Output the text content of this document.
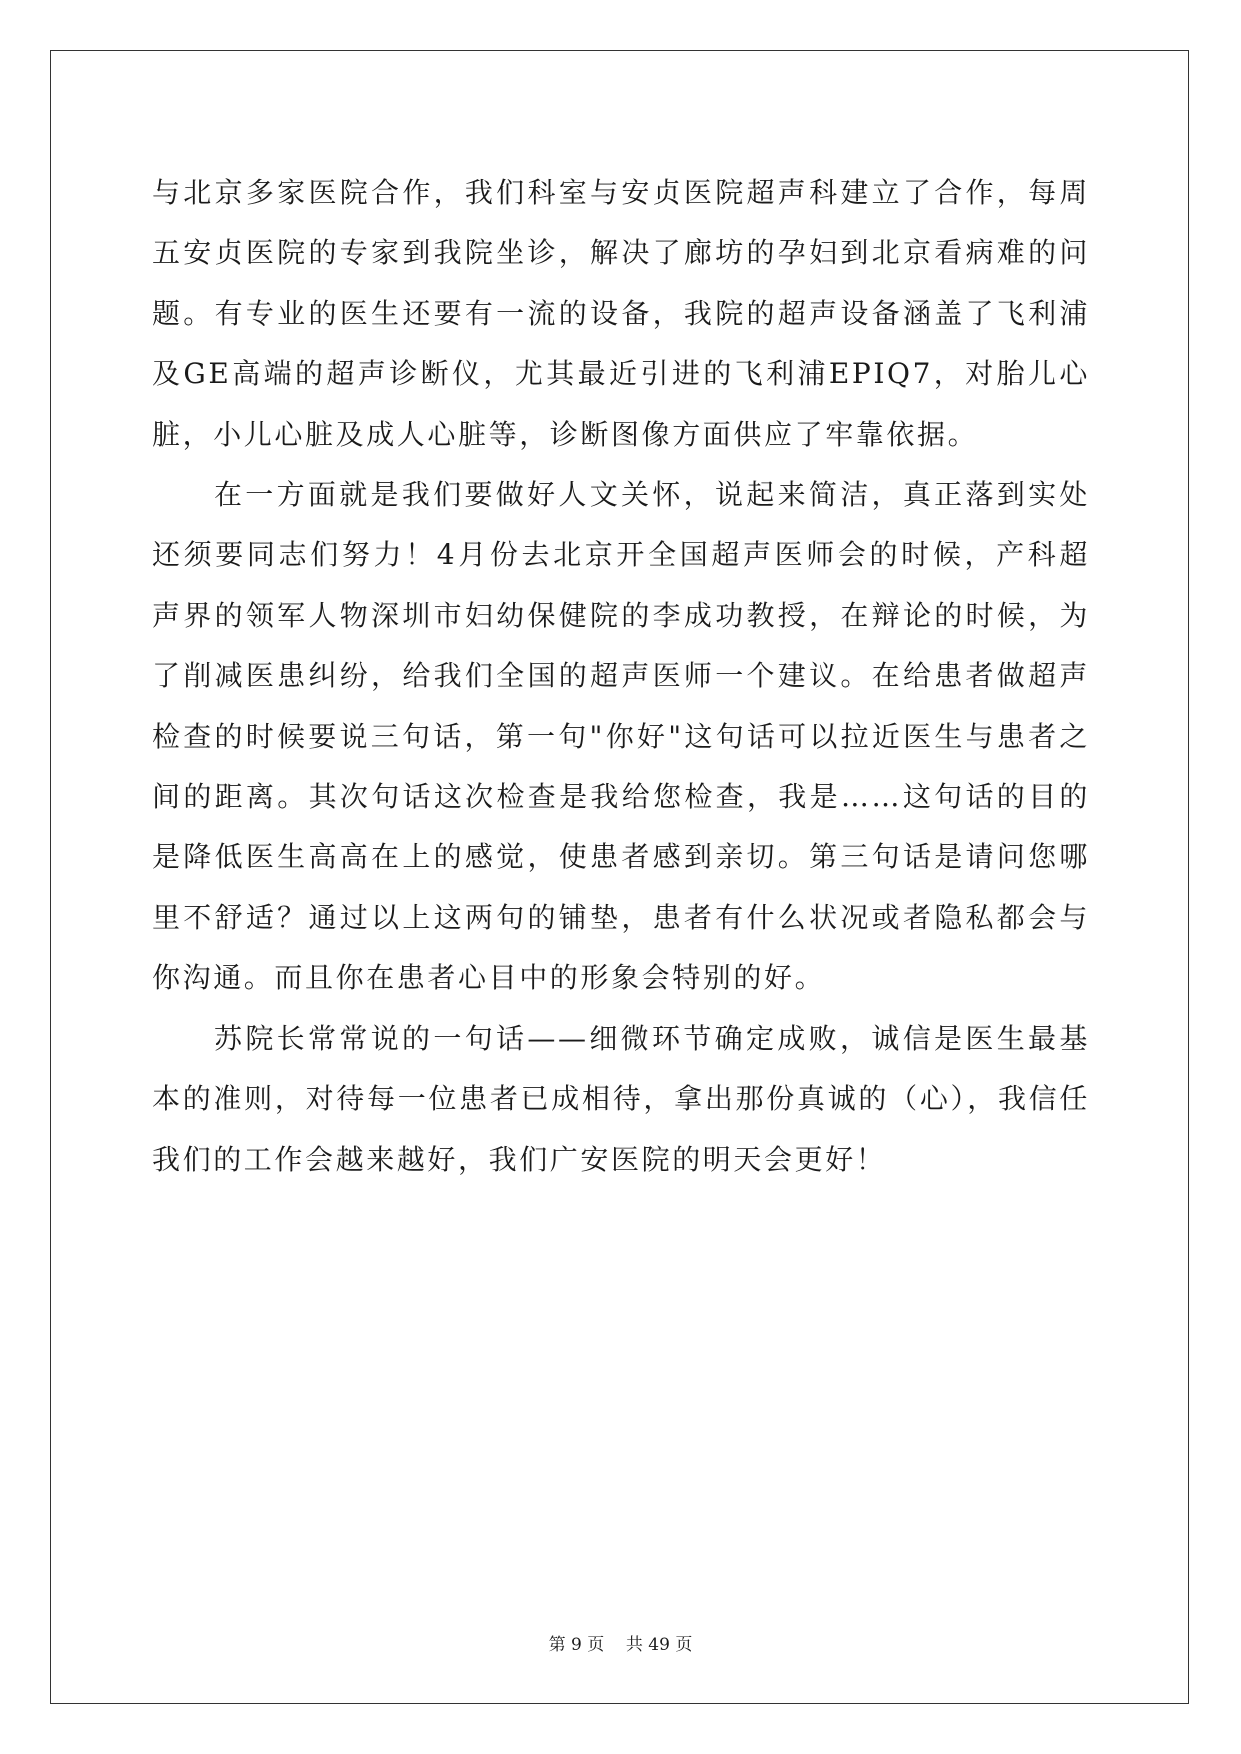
与北京多家医院合作，我们科室与安贞医院超声科建立了合作，每周五安贞医院的专家到我院坐诊，解决了廊坊的孕妇到北京看病难的问题。有专业的医生还要有一流的设备，我院的超声设备涵盖了飞利浦及GE高端的超声诊断仪，尤其最近引进的飞利浦EPIQ7，对胎儿心脏，小儿心脏及成人心脏等，诊断图像方面供应了牢靠依据。

在一方面就是我们要做好人文关怀，说起来简洁，真正落到实处还须要同志们努力！4月份去北京开全国超声医师会的时候，产科超声界的领军人物深圳市妇幼保健院的李成功教授，在辩论的时候，为了削减医患纠纷，给我们全国的超声医师一个建议。在给患者做超声检查的时候要说三句话，第一句"你好"这句话可以拉近医生与患者之间的距离。其次句话这次检查是我给您检查，我是……这句话的目的是降低医生高高在上的感觉，使患者感到亲切。第三句话是请问您哪里不舒适？通过以上这两句的铺垫，患者有什么状况或者隐私都会与你沟通。而且你在患者心目中的形象会特别的好。

苏院长常常说的一句话——细微环节确定成败，诚信是医生最基本的准则，对待每一位患者已成相待，拿出那份真诚的（心），我信任我们的工作会越来越好，我们广安医院的明天会更好！

第 9 页 共 49 页
